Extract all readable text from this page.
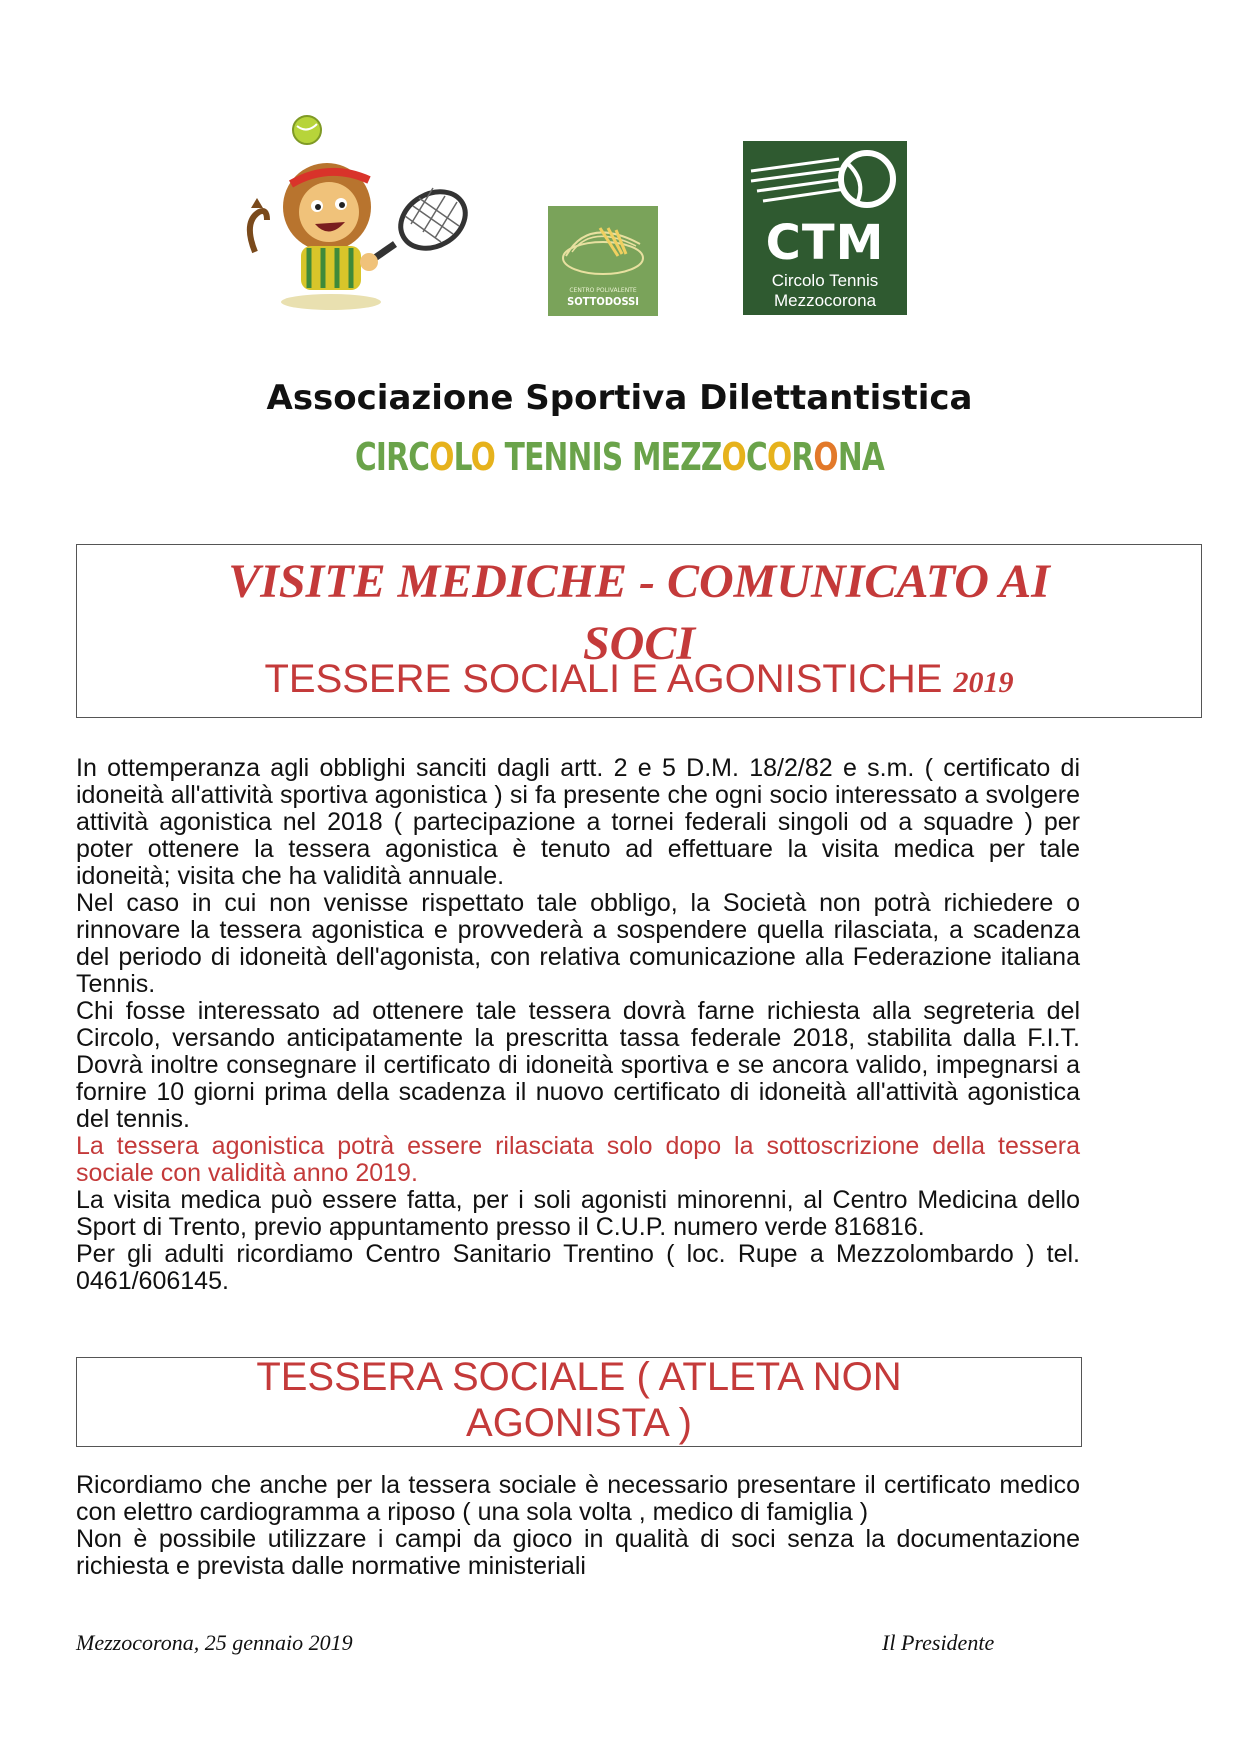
CENTRO POLIVALENTE
SOTTODOSSI
CTM
Circolo Tennis
Mezzocorona
Associazione Sportiva Dilettantistica
CIRCOLO TENNIS MEZZOCORONA
VISITE MEDICHE - COMUNICATO AI
SOCI
TESSERE SOCIALI E AGONISTICHE 2019
In ottemperanza agli obblighi sanciti dagli artt. 2 e 5 D.M. 18/2/82 e s.m. ( certificato di idoneità all'attività sportiva agonistica ) si fa presente che ogni socio interessato a svolgere attività agonistica nel 2018 ( partecipazione a tornei federali singoli od a squadre ) per poter ottenere la tessera agonistica è tenuto ad effettuare la visita medica per tale idoneità; visita che ha validità annuale.
Nel caso in cui non venisse rispettato tale obbligo, la Società non potrà richiedere o rinnovare la tessera agonistica e provvederà a sospendere quella rilasciata, a scadenza del periodo di idoneità dell'agonista, con relativa comunicazione alla Federazione italiana Tennis.
Chi fosse interessato ad ottenere tale tessera dovrà farne richiesta alla segreteria del Circolo, versando anticipatamente la prescritta tassa federale 2018, stabilita dalla F.I.T. Dovrà inoltre consegnare il certificato di idoneità sportiva e se ancora valido, impegnarsi a fornire 10 giorni prima della scadenza il nuovo certificato di idoneità all'attività agonistica del tennis.
La tessera agonistica potrà essere rilasciata solo dopo la sottoscrizione della tessera sociale con validità anno 2019.
La visita medica può essere fatta, per i soli agonisti minorenni, al Centro Medicina dello Sport di Trento, previo appuntamento presso il C.U.P. numero verde 816816.
Per gli adulti ricordiamo Centro Sanitario Trentino ( loc. Rupe a Mezzolombardo ) tel. 0461/606145.
TESSERA SOCIALE ( ATLETA NON
AGONISTA )
Ricordiamo che anche per la tessera sociale è necessario presentare il certificato medico con elettro cardiogramma a riposo ( una sola volta , medico di famiglia )
Non è possibile utilizzare i campi da gioco in qualità di soci senza la documentazione richiesta e prevista dalle normative ministeriali
Mezzocorona, 25 gennaio 2019	Il Presidente
